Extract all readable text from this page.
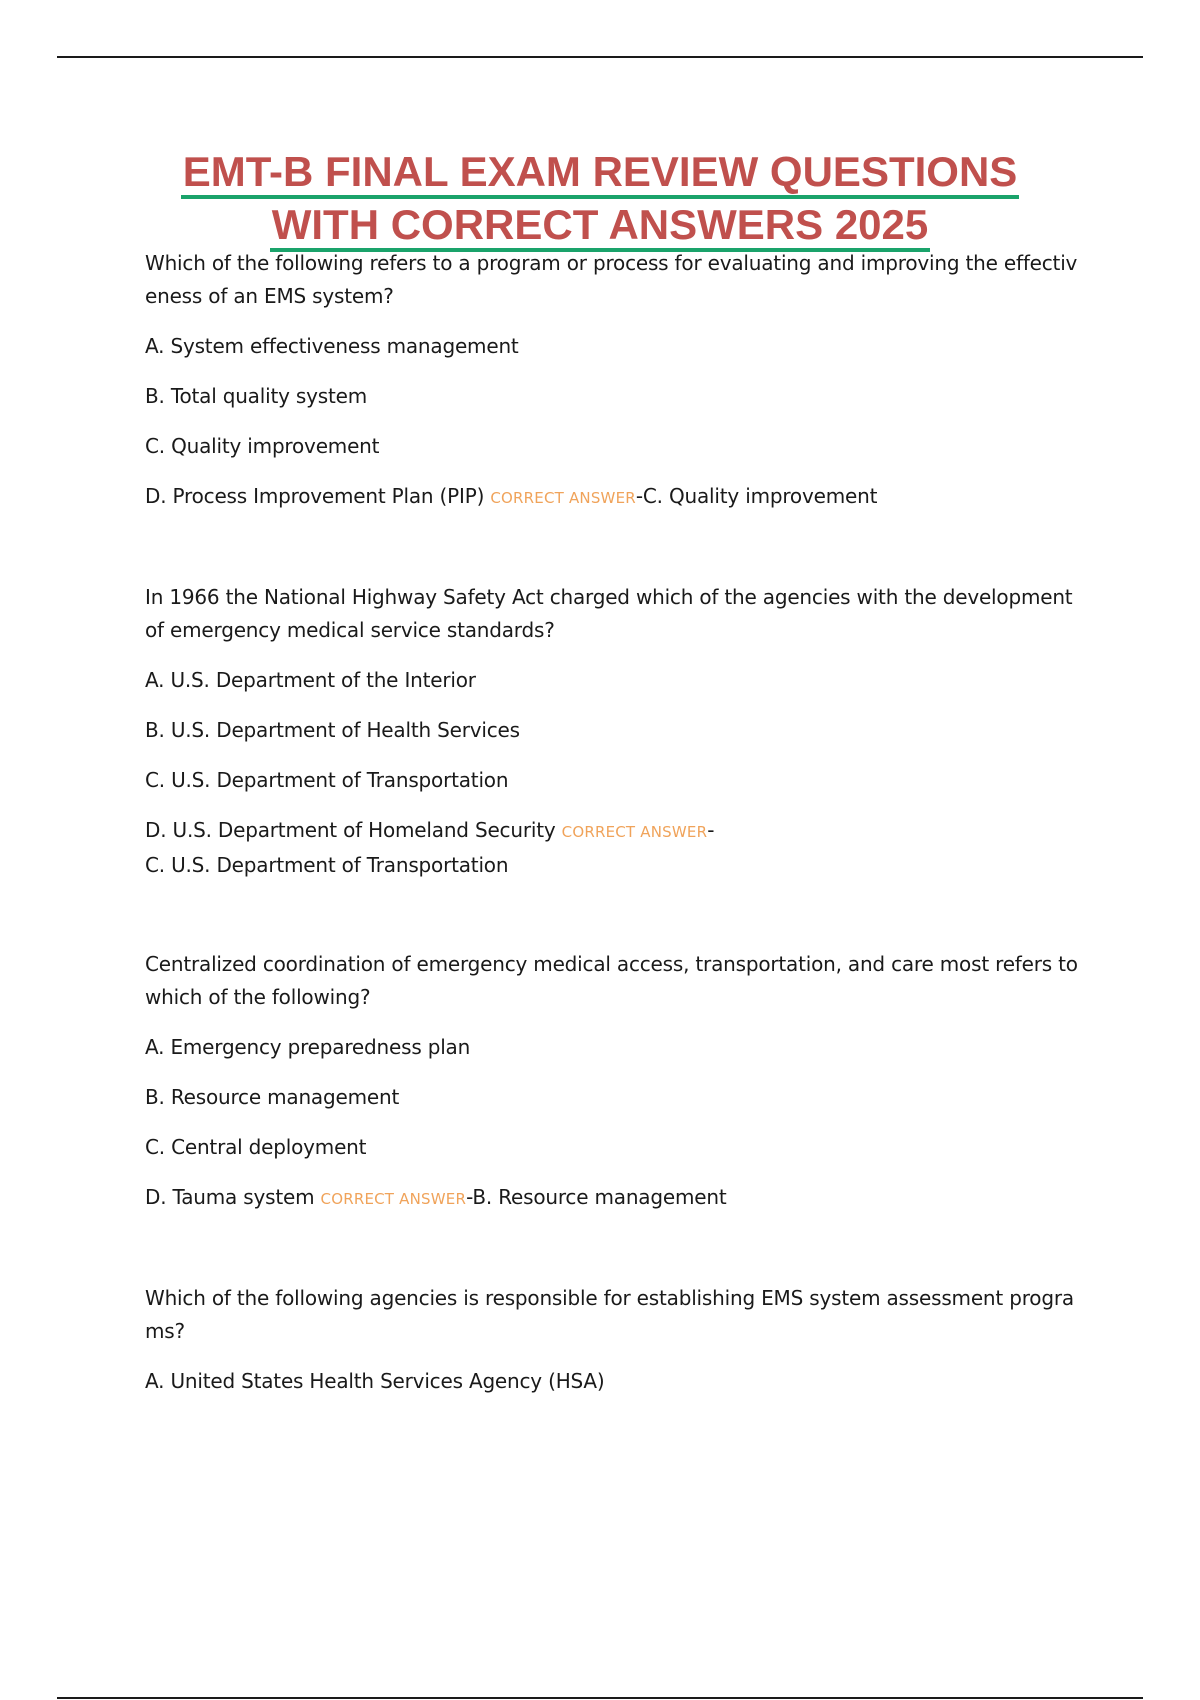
EMT-B FINAL EXAM REVIEW QUESTIONS
WITH CORRECT ANSWERS 2025

Which of the following refers to a program or process for evaluating and improving the effectiv eness of an EMS system?

A. System effectiveness management

B. Total quality system

C. Quality improvement

D. Process Improvement Plan (PIP) CORRECT ANSWER-C. Quality improvement

In 1966 the National Highway Safety Act charged which of the agencies with the development of emergency medical service standards?

A. U.S. Department of the Interior

B. U.S. Department of Health Services

C. U.S. Department of Transportation

D. U.S. Department of Homeland Security CORRECT ANSWER-
C. U.S. Department of Transportation

Centralized coordination of emergency medical access, transportation, and care most refers to which of the following?

A. Emergency preparedness plan

B. Resource management

C. Central deployment

D. Tauma system CORRECT ANSWER-B. Resource management

Which of the following agencies is responsible for establishing EMS system assessment progra ms?

A. United States Health Services Agency (HSA)
